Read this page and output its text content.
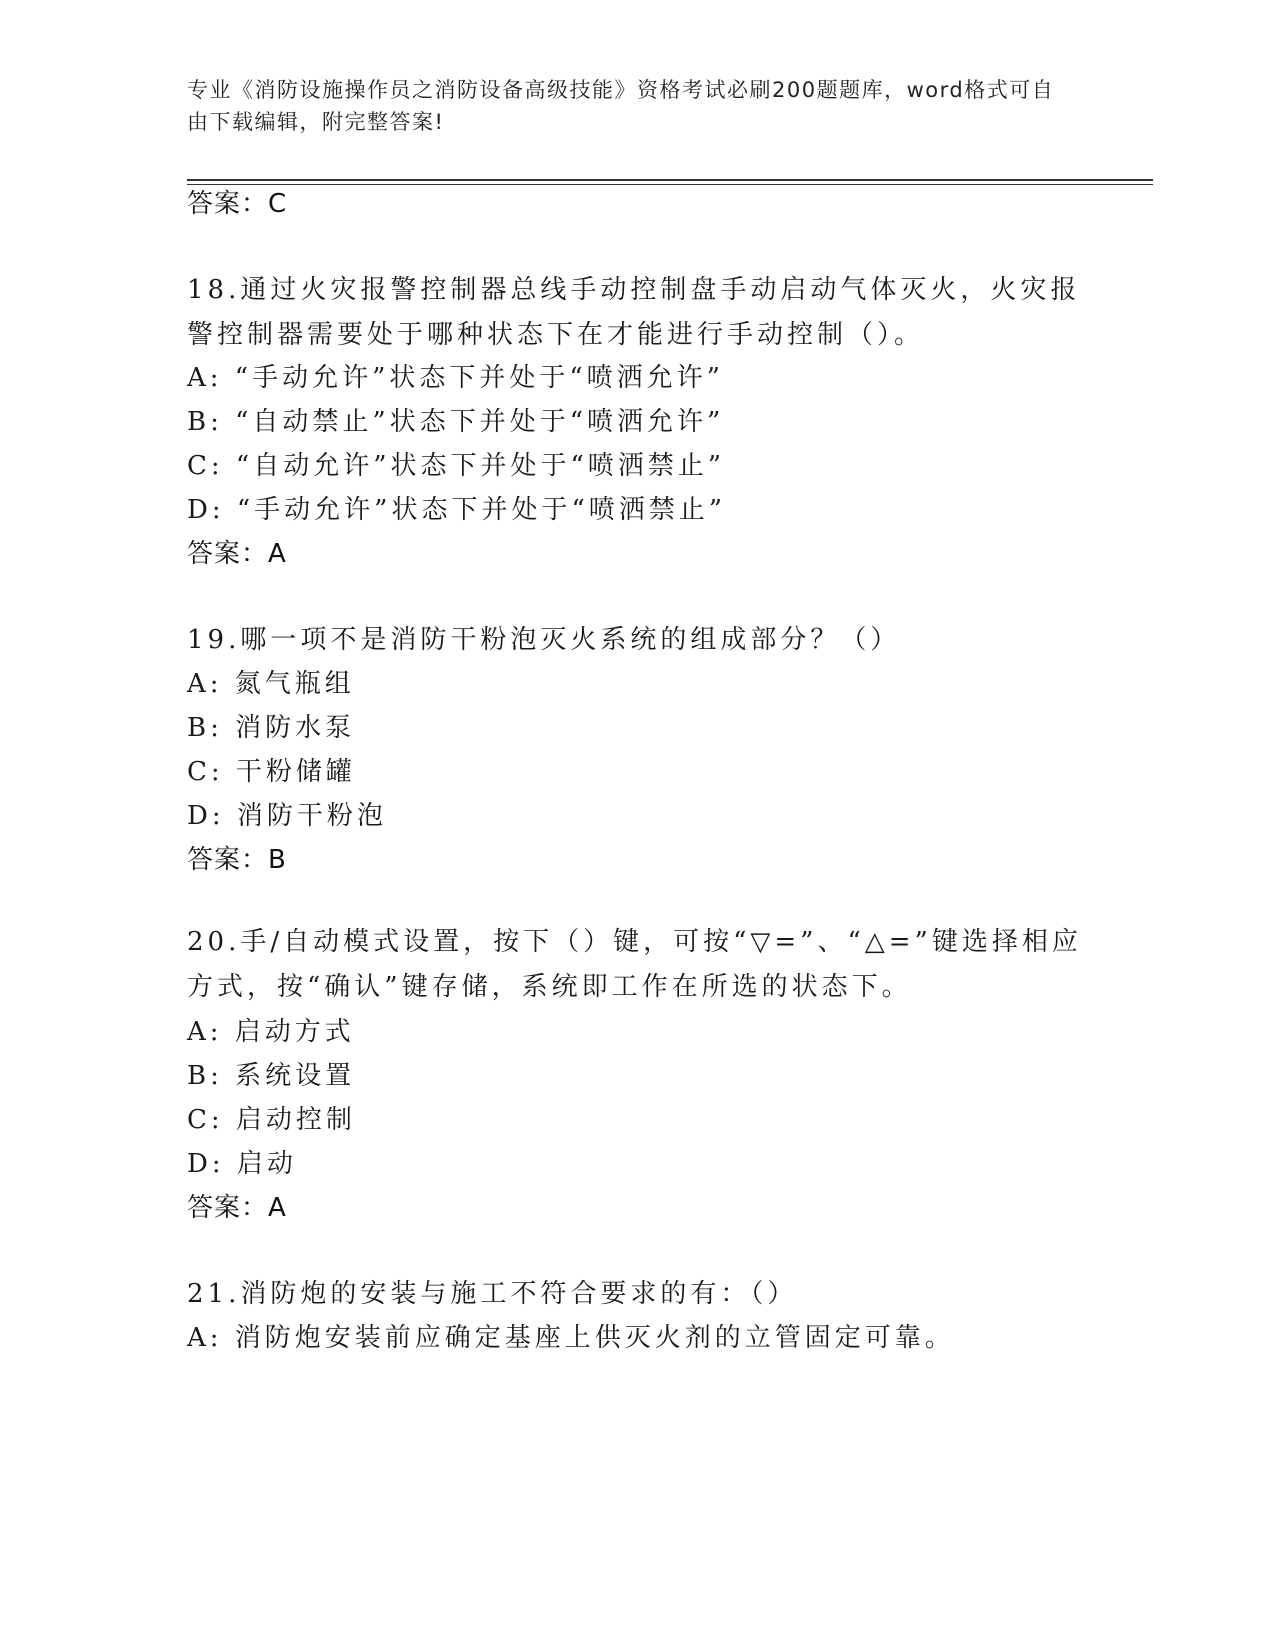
专业《消防设施操作员之消防设备高级技能》资格考试必刷200题题库，word格式可自由下载编辑，附完整答案!
答案：C
18.通过火灾报警控制器总线手动控制盘手动启动气体灭火，火灾报警控制器需要处于哪种状态下在才能进行手动控制（）。
A: “手动允许”状态下并处于“喷洒允许”
B: “自动禁止”状态下并处于“喷洒允许”
C: “自动允许”状态下并处于“喷洒禁止”
D: “手动允许”状态下并处于“喷洒禁止”
答案：A
19.哪一项不是消防干粉泡灭火系统的组成部分？（）
A: 氮气瓶组
B: 消防水泵
C: 干粉储罐
D: 消防干粉泡
答案：B
20.手/自动模式设置，按下（）键，可按“▽=”、“△=”键选择相应方式，按“确认”键存储，系统即工作在所选的状态下。
A: 启动方式
B: 系统设置
C: 启动控制
D: 启动
答案：A
21.消防炮的安装与施工不符合要求的有：（）
A: 消防炮安装前应确定基座上供灭火剂的立管固定可靠。
